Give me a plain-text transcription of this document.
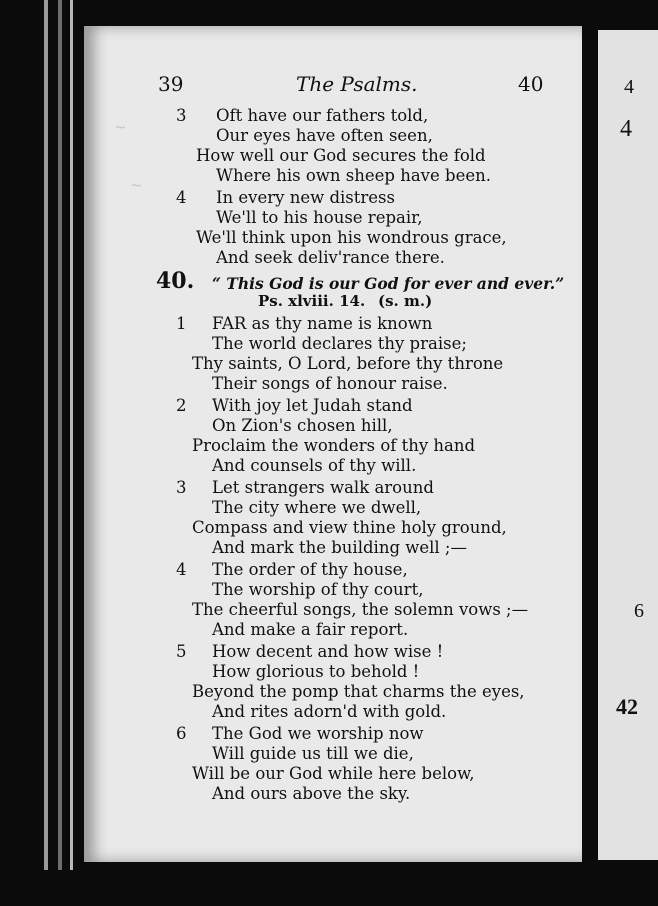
~
~
4
4
6
42
39	The Psalms.	40
3 Oft have our fathers told,
Our eyes have often seen,
How well our God secures the fold
Where his own sheep have been.
4 In every new distress
We'll to his house repair,
We'll think upon his wondrous grace,
And seek deliv'rance there.
40. “ This God is our God for ever and ever.”
Ps. xlviii. 14. (s. m.)
1 FAR as thy name is known
The world declares thy praise;
Thy saints, O Lord, before thy throne
Their songs of honour raise.
2 With joy let Judah stand
On Zion's chosen hill,
Proclaim the wonders of thy hand
And counsels of thy will.
3 Let strangers walk around
The city where we dwell,
Compass and view thine holy ground,
And mark the building well ;—
4 The order of thy house,
The worship of thy court,
The cheerful songs, the solemn vows ;—
And make a fair report.
5 How decent and how wise !
How glorious to behold !
Beyond the pomp that charms the eyes,
And rites adorn'd with gold.
6 The God we worship now
Will guide us till we die,
Will be our God while here below,
And ours above the sky.
